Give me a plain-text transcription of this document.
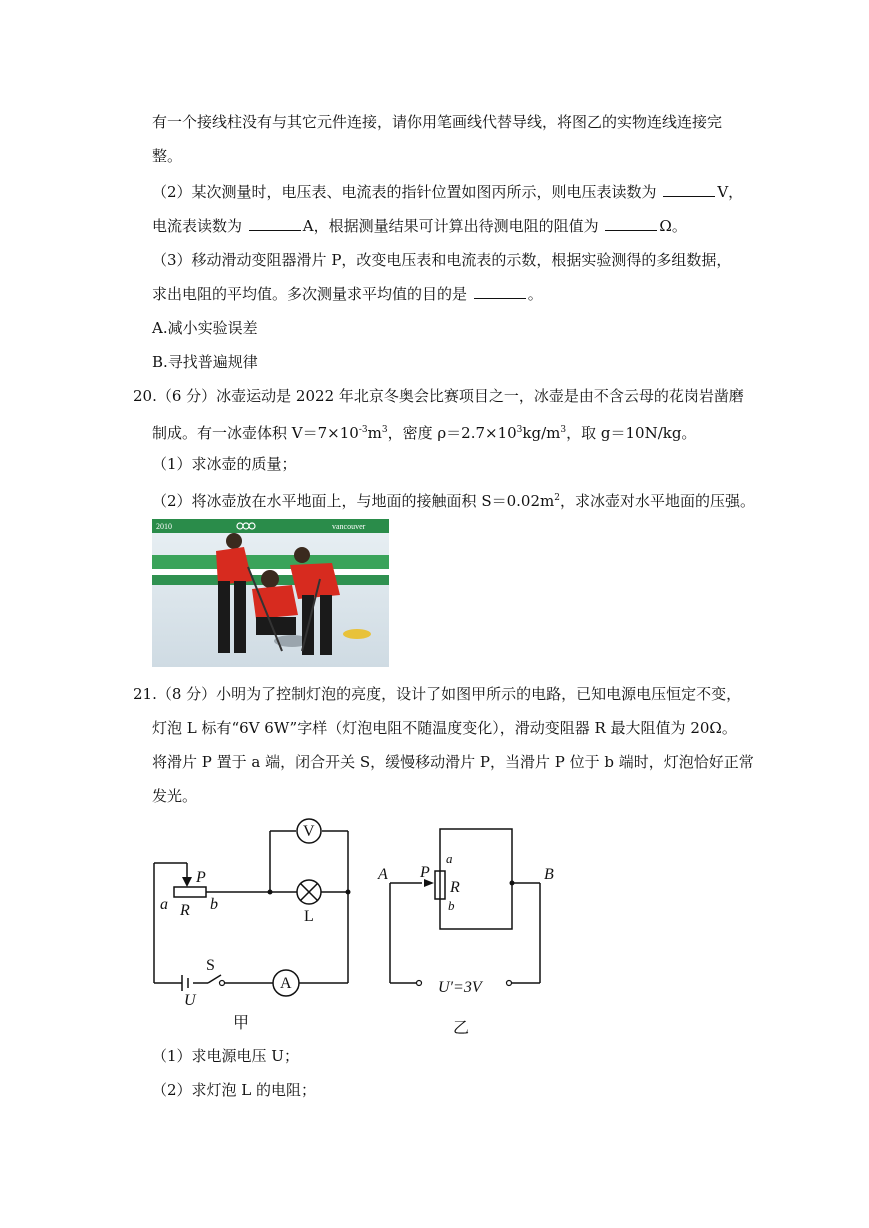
有一个接线柱没有与其它元件连接，请你用笔画线代替导线，将图乙的实物连线连接完
整。
（2）某次测量时，电压表、电流表的指针位置如图丙所示，则电压表读数为	V，
电流表读数为	A，根据测量结果可计算出待测电阻的阻值为	Ω。
（3）移动滑动变阻器滑片 P，改变电压表和电流表的示数，根据实验测得的多组数据，
求出电阻的平均值。多次测量求平均值的目的是	。
A.减小实验误差
B.寻找普遍规律
20.（6 分）冰壶运动是 2022 年北京冬奥会比赛项目之一，冰壶是由不含云母的花岗岩凿磨
制成。有一冰壶体积 $V=7\times 10^{-3}m^3$，密度 $\rho=2.7\times 10^3kg/m^3$，取 g＝10N/kg。
（1）求冰壶的质量；
（2）将冰壶放在水平地面上，与地面的接触面积 $S=0.02m^2$，求冰壶对水平地面的压强。
2010	vancouver
21.（8 分）小明为了控制灯泡的亮度，设计了如图甲所示的电路，已知电源电压恒定不变，
灯泡 L 标有“6V 6W”字样（灯泡电阻不随温度变化），滑动变阻器 R 最大阻值为 20Ω。
将滑片 P 置于 a 端，闭合开关 S，缓慢移动滑片 P，当滑片 P 位于 b 端时，灯泡恰好正常
发光。
V
A
P
R
a	b
L
S
U
A	B
P
R
a
b
U′=3V
甲	乙
（1）求电源电压 U；
（2）求灯泡 L 的电阻；
